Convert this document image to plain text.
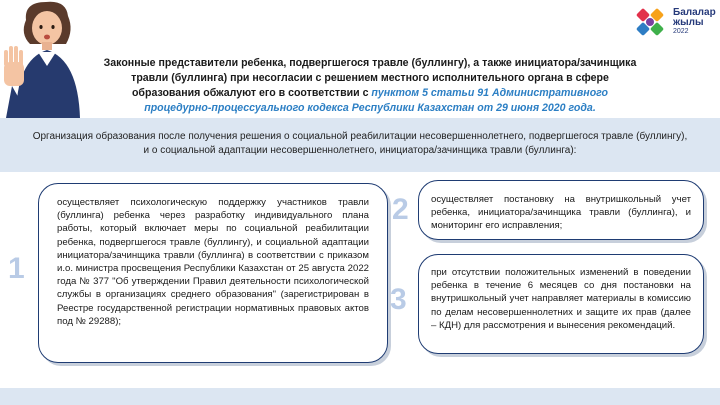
Балалар
жылы
2022
Законные представители ребенка, подвергшегося травле (буллингу), а также инициатора/зачинщика травли (буллинга) при несогласии с решением местного исполнительного органа в сфере образования обжалуют его в соответствии с пунктом 5 статьи 91 Административного процедурно-процессуального кодекса Республики Казахстан от 29 июня 2020 года.
Организация образования после получения решения о социальной реабилитации несовершеннолетнего, подвергшегося травле (буллингу), и о социальной адаптации несовершеннолетнего, инициатора/зачинщика травли (буллинга):
1
2
3
осуществляет психологическую поддержку участников травли (буллинга) ребенка через разработку индивидуального плана работы, который включает меры по социальной реабилитации ребенка, подвергшегося травле (буллингу), и социальной адаптации инициатора/зачинщика травли (буллинга) в соответствии с приказом и.о. министра просвещения Республики Казахстан от 25 августа 2022 года № 377 "Об утверждении Правил деятельности психологической службы в организациях среднего образования" (зарегистрирован в Реестре государственной регистрации нормативных правовых актов под № 29288);
осуществляет постановку на внутришкольный учет ребенка, инициатора/зачинщика травли (буллинга), и мониторинг его исправления;
при отсутствии положительных изменений в поведении ребенка в течение 6 месяцев со дня постановки на внутришкольный учет направляет материалы в комиссию по делам несовершеннолетних и защите их прав (далее – КДН) для рассмотрения и вынесения рекомендаций.
